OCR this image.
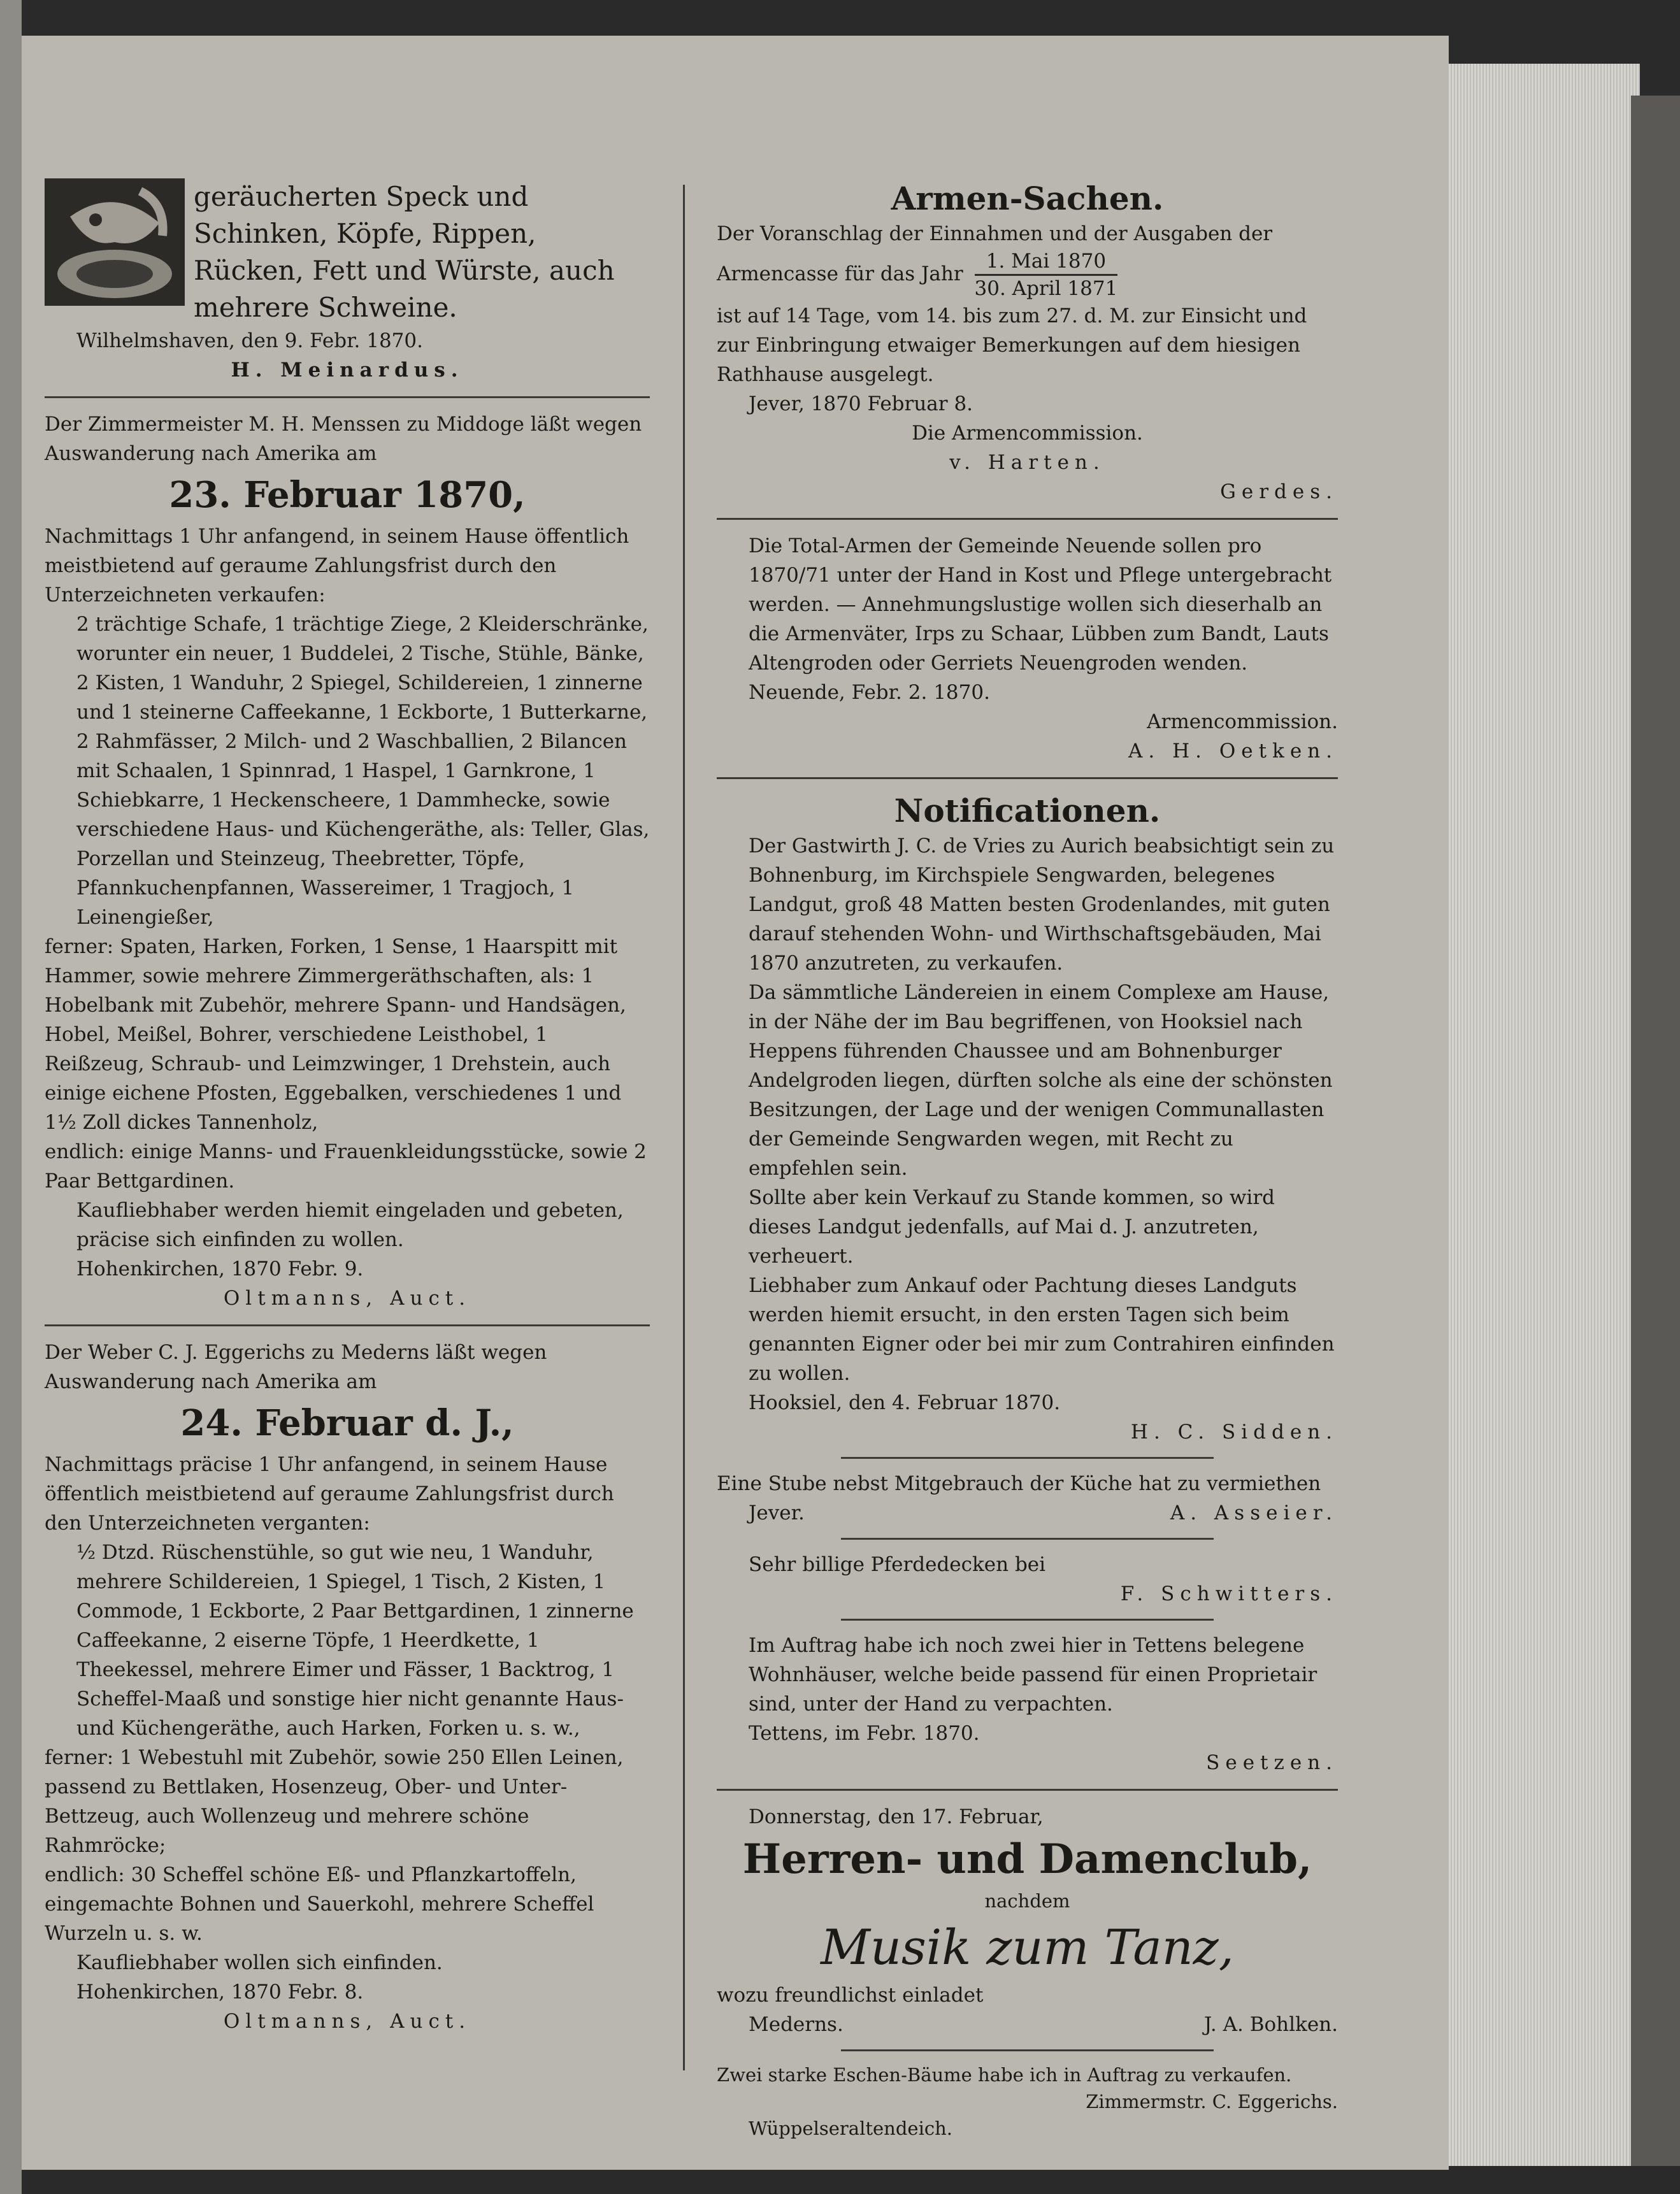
geräucherten Speck und Schinken, Köpfe, Rippen, Rücken, Fett und Würste, auch mehrere Schweine.

Wilhelmshaven, den 9. Febr. 1870.

H. Meinardus.

Der Zimmermeister M. H. Menssen zu Middoge läßt wegen Auswanderung nach Amerika am

23. Februar 1870,

Nachmittags 1 Uhr anfangend, in seinem Hause öffentlich meistbietend auf geraume Zahlungsfrist durch den Unterzeichneten verkaufen:

2 trächtige Schafe, 1 trächtige Ziege, 2 Kleiderschränke, worunter ein neuer, 1 Buddelei, 2 Tische, Stühle, Bänke, 2 Kisten, 1 Wanduhr, 2 Spiegel, Schildereien, 1 zinnerne und 1 steinerne Caffeekanne, 1 Eckborte, 1 Butterkarne, 2 Rahmfässer, 2 Milch- und 2 Waschballien, 2 Bilancen mit Schaalen, 1 Spinnrad, 1 Haspel, 1 Garnkrone, 1 Schiebkarre, 1 Heckenscheere, 1 Dammhecke, sowie verschiedene Haus- und Küchengeräthe, als: Teller, Glas, Porzellan und Steinzeug, Theebretter, Töpfe, Pfannkuchenpfannen, Wassereimer, 1 Tragjoch, 1 Leinengießer,

ferner: Spaten, Harken, Forken, 1 Sense, 1 Haarspitt mit Hammer, sowie mehrere Zimmergeräthschaften, als: 1 Hobelbank mit Zubehör, mehrere Spann- und Handsägen, Hobel, Meißel, Bohrer, verschiedene Leisthobel, 1 Reißzeug, Schraub- und Leimzwinger, 1 Drehstein, auch einige eichene Pfosten, Eggebalken, verschiedenes 1 und 1½ Zoll dickes Tannenholz,

endlich: einige Manns- und Frauenkleidungsstücke, sowie 2 Paar Bettgardinen.

Kaufliebhaber werden hiemit eingeladen und gebeten, präcise sich einfinden zu wollen.

Hohenkirchen, 1870 Febr. 9.

Oltmanns, Auct.

Der Weber C. J. Eggerichs zu Mederns läßt wegen Auswanderung nach Amerika am

24. Februar d. J.,

Nachmittags präcise 1 Uhr anfangend, in seinem Hause öffentlich meistbietend auf geraume Zahlungsfrist durch den Unterzeichneten verganten:

½ Dtzd. Rüschenstühle, so gut wie neu, 1 Wanduhr, mehrere Schildereien, 1 Spiegel, 1 Tisch, 2 Kisten, 1 Commode, 1 Eckborte, 2 Paar Bettgardinen, 1 zinnerne Caffeekanne, 2 eiserne Töpfe, 1 Heerdkette, 1 Theekessel, mehrere Eimer und Fässer, 1 Backtrog, 1 Scheffel-Maaß und sonstige hier nicht genannte Haus- und Küchengeräthe, auch Harken, Forken u. s. w.,

ferner: 1 Webestuhl mit Zubehör, sowie 250 Ellen Leinen, passend zu Bettlaken, Hosenzeug, Ober- und Unter-Bettzeug, auch Wollenzeug und mehrere schöne Rahmröcke;

endlich: 30 Scheffel schöne Eß- und Pflanzkartoffeln, eingemachte Bohnen und Sauerkohl, mehrere Scheffel Wurzeln u. s. w.

Kaufliebhaber wollen sich einfinden.

Hohenkirchen, 1870 Febr. 8.

Oltmanns, Auct.

Armen-Sachen.

Der Voranschlag der Einnahmen und der Ausgaben der Armencasse für das Jahr $\frac{\text{1. Mai 1870}}{\text{30. April 1871}}$

ist auf 14 Tage, vom 14. bis zum 27. d. M. zur Einsicht und zur Einbringung etwaiger Bemerkungen auf dem hiesigen Rathhause ausgelegt.

Jever, 1870 Februar 8.

Die Armencommission.

v. Harten.

Gerdes.

Die Total-Armen der Gemeinde Neuende sollen pro 1870/71 unter der Hand in Kost und Pflege untergebracht werden. — Annehmungslustige wollen sich dieserhalb an die Armenväter, Irps zu Schaar, Lübben zum Bandt, Lauts Altengroden oder Gerriets Neuengroden wenden.

Neuende, Febr. 2. 1870.

Armencommission.

A. H. Oetken.

Notificationen.

Der Gastwirth J. C. de Vries zu Aurich beabsichtigt sein zu Bohnenburg, im Kirchspiele Sengwarden, belegenes Landgut, groß 48 Matten besten Grodenlandes, mit guten darauf stehenden Wohn- und Wirthschaftsgebäuden, Mai 1870 anzutreten, zu verkaufen.

Da sämmtliche Ländereien in einem Complexe am Hause, in der Nähe der im Bau begriffenen, von Hooksiel nach Heppens führenden Chaussee und am Bohnenburger Andelgroden liegen, dürften solche als eine der schönsten Besitzungen, der Lage und der wenigen Communallasten der Gemeinde Sengwarden wegen, mit Recht zu empfehlen sein.

Sollte aber kein Verkauf zu Stande kommen, so wird dieses Landgut jedenfalls, auf Mai d. J. anzutreten, verheuert.

Liebhaber zum Ankauf oder Pachtung dieses Landguts werden hiemit ersucht, in den ersten Tagen sich beim genannten Eigner oder bei mir zum Contrahiren einfinden zu wollen.

Hooksiel, den 4. Februar 1870.

H. C. Sidden.

Eine Stube nebst Mitgebrauch der Küche hat zu vermiethen

Jever.	A. Asseier.

Sehr billige Pferdedecken bei

F. Schwitters.

Im Auftrag habe ich noch zwei hier in Tettens belegene Wohnhäuser, welche beide passend für einen Proprietair sind, unter der Hand zu verpachten.

Tettens, im Febr. 1870.

Seetzen.

Donnerstag, den 17. Februar,

Herren- und Damenclub,

nachdem

Musik zum Tanz,

wozu freundlichst einladet

Mederns.	J. A. Bohlken.

Zwei starke Eschen-Bäume habe ich in Auftrag zu verkaufen.

Zimmermstr. C. Eggerichs.

Wüppelseraltendeich.
